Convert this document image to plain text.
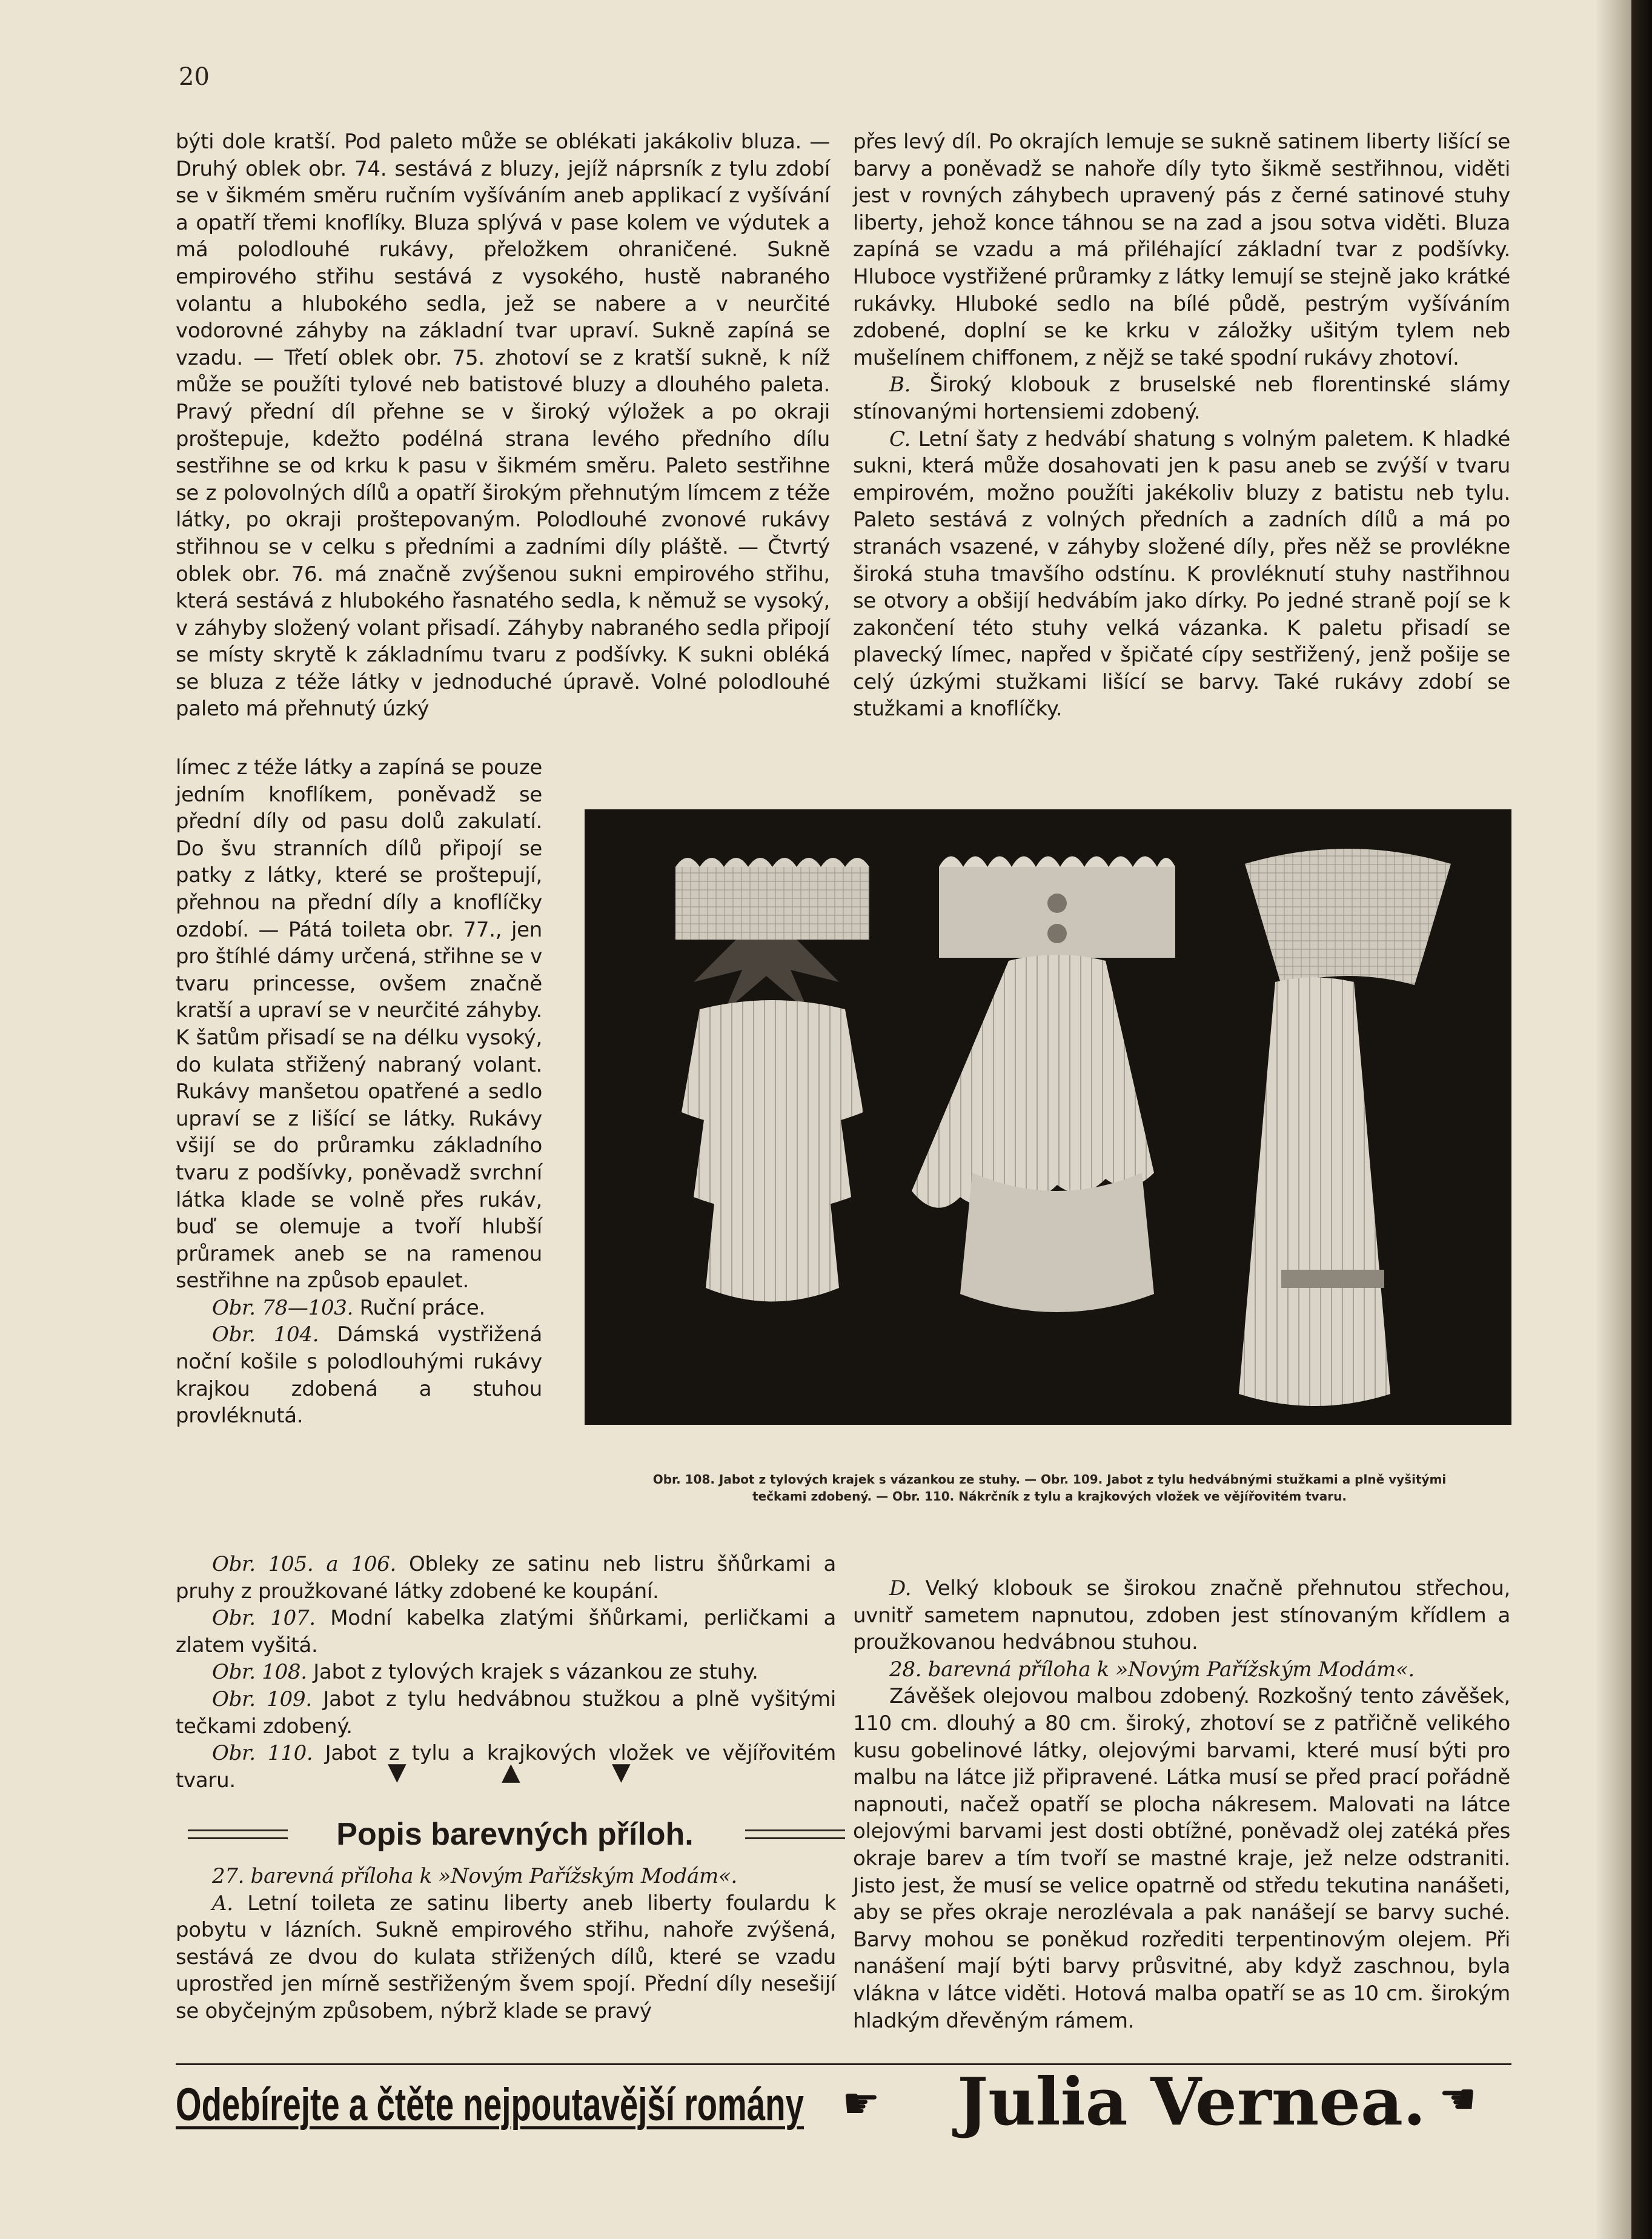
20

býti dole kratší. Pod paleto může se oblékati jakákoliv bluza. — Druhý oblek obr. 74. sestává z bluzy, jejíž náprsník z tylu zdobí se v šikmém směru ručním vyšíváním aneb applikací z vyšívání a opatří třemi knoflíky. Bluza splývá v pase kolem ve výdutek a má polodlouhé rukávy, přeložkem ohraničené. Sukně empirového střihu sestává z vysokého, hustě nabraného volantu a hlubokého sedla, jež se nabere a v neurčité vodorovné záhyby na základní tvar upraví. Sukně zapíná se vzadu. — Třetí oblek obr. 75. zhotoví se z kratší sukně, k níž může se použíti tylové neb batistové bluzy a dlouhého paleta. Pravý přední díl přehne se v široký výložek a po okraji proštepuje, kdežto podélná strana levého předního dílu sestřihne se od krku k pasu v šikmém směru. Paleto sestřihne se z polovolných dílů a opatří širokým přehnutým límcem z téže látky, po okraji proštepovaným. Polodlouhé zvonové rukávy střihnou se v celku s předními a zadními díly pláště. — Čtvrtý oblek obr. 76. má značně zvýšenou sukni empirového střihu, která sestává z hlubokého řasnatého sedla, k němuž se vysoký, v záhyby složený volant přisadí. Záhyby nabraného sedla připojí se místy skrytě k základnímu tvaru z podšívky. K sukni obléká se bluza z téže látky v jednoduché úpravě. Volné polodlouhé paleto má přehnutý úzký

límec z téže látky a zapíná se pouze jedním knoflíkem, poněvadž se přední díly od pasu dolů zakulatí. Do švu stranních dílů připojí se patky z látky, které se proštepují, přehnou na přední díly a knoflíčky ozdobí. — Pátá toileta obr. 77., jen pro štíhlé dámy určená, střihne se v tvaru princesse, ovšem značně kratší a upraví se v neurčité záhyby. K šatům přisadí se na délku vysoký, do kulata střižený nabraný volant. Rukávy manšetou opatřené a sedlo upraví se z lišící se látky. Rukávy všijí se do průramku základního tvaru z podšívky, poněvadž svrchní látka klade se volně přes rukáv, buď se olemuje a tvoří hlubší průramek aneb se na ramenou sestřihne na způsob epaulet.

Obr. 78—103. Ruční práce.

Obr. 104. Dámská vystřižená noční košile s polodlouhými rukávy krajkou zdobená a stuhou provléknutá.

Obr. 105. a 106. Obleky ze satinu neb listru šňůrkami a pruhy z proužkované látky zdobené ke koupání.

Obr. 107. Modní kabelka zlatými šňůrkami, perličkami a zlatem vyšitá.

Obr. 108. Jabot z tylových krajek s vázankou ze stuhy.

Obr. 109. Jabot z tylu hedvábnou stužkou a plně vyšitými tečkami zdobený.

Obr. 110. Jabot z tylu a krajkových vložek ve vějířovitém tvaru.	▼	▲	▼
Popis barevných příloh.

27. barevná příloha k »Novým Pařížským Modám«.

A. Letní toileta ze satinu liberty aneb liberty foulardu k pobytu v lázních. Sukně empirového střihu, nahoře zvýšená, sestává ze dvou do kulata střižených dílů, které se vzadu uprostřed jen mírně sestřiženým švem spojí. Přední díly nesešijí se obyčejným způsobem, nýbrž klade se pravý

přes levý díl. Po okrajích lemuje se sukně satinem liberty lišící se barvy a poněvadž se nahoře díly tyto šikmě sestřihnou, viděti jest v rovných záhybech upravený pás z černé satinové stuhy liberty, jehož konce táhnou se na zad a jsou sotva viděti. Bluza zapíná se vzadu a má přiléhající základní tvar z podšívky. Hluboce vystřižené průramky z látky lemují se stejně jako krátké rukávky. Hluboké sedlo na bílé půdě, pestrým vyšíváním zdobené, doplní se ke krku v záložky ušitým tylem neb mušelínem chiffonem, z nějž se také spodní rukávy zhotoví.

B. Široký klobouk z bruselské neb florentinské slámy stínovanými hortensiemi zdobený.

C. Letní šaty z hedvábí shatung s volným paletem. K hladké sukni, která může dosahovati jen k pasu aneb se zvýší v tvaru empirovém, možno použíti jakékoliv bluzy z batistu neb tylu. Paleto sestává z volných předních a zadních dílů a má po stranách vsazené, v záhyby složené díly, přes něž se provlékne široká stuha tmavšího odstínu. K provléknutí stuhy nastřihnou se otvory a obšijí hedvábím jako dírky. Po jedné straně pojí se k zakončení této stuhy velká vázanka. K paletu přisadí se plavecký límec, napřed v špičaté cípy sestřižený, jenž pošije se celý úzkými stužkami lišící se barvy. Také rukávy zdobí se stužkami a knoflíčky.

D. Velký klobouk se širokou značně přehnutou střechou, uvnitř sametem napnutou, zdoben jest stínovaným křídlem a proužkovanou hedvábnou stuhou.

28. barevná příloha k »Novým Pařížským Modám«.

Závěšek olejovou malbou zdobený. Rozkošný tento závěšek, 110 cm. dlouhý a 80 cm. široký, zhotoví se z patřičně velikého kusu gobelinové látky, olejovými barvami, které musí býti pro malbu na látce již připravené. Látka musí se před prací pořádně napnouti, načež opatří se plocha nákresem. Malovati na látce olejovými barvami jest dosti obtížné, poněvadž olej zatéká přes okraje barev a tím tvoří se mastné kraje, jež nelze odstraniti. Jisto jest, že musí se velice opatrně od středu tekutina nanášeti, aby se přes okraje nerozlévala a pak nanášejí se barvy suché. Barvy mohou se poněkud rozřediti terpentinovým olejem. Při nanášení mají býti barvy průsvitné, aby když zaschnou, byla vlákna v látce viděti. Hotová malba opatří se as 10 cm. širokým hladkým dřevěným rámem.

Obr. 108. Jabot z tylových krajek s vázankou ze stuhy. — Obr. 109. Jabot z tylu hedvábnými stužkami a plně vyšitými
tečkami zdobený. — Obr. 110. Nákrčník z tylu a krajkových vložek ve vějířovitém tvaru.
Odebírejte a čtěte nejpoutavější romány ☛ Julia Vernea. ☛
